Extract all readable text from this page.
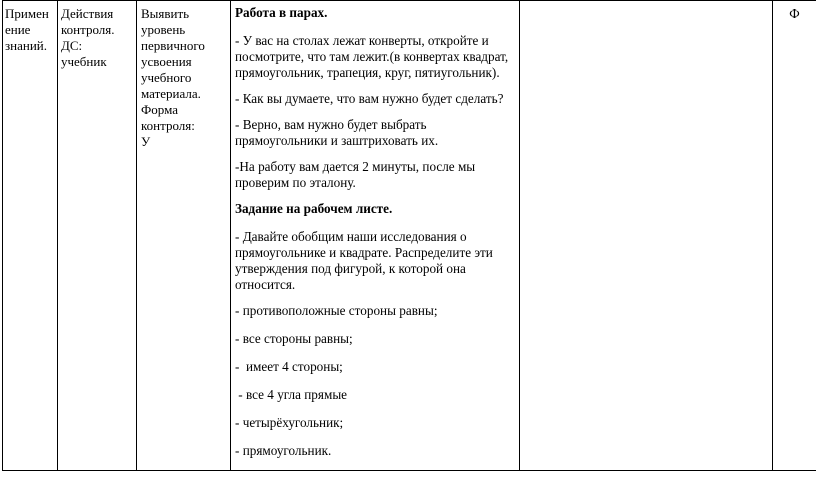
Примен
ение
знаний.
Действия
контроля.
ДС:
учебник
Выявить
уровень
первичного
усвоения
учебного
материала.
Форма
контроля:
У

Работа в парах.

- У вас на столах лежат конверты, откройте и посмотрите, что там лежит.(в конвертах квадрат, прямоугольник, трапеция, круг, пятиугольник).

- Как вы думаете, что вам нужно будет сделать?

- Верно, вам нужно будет выбрать прямоугольники и заштриховать их.

-На работу вам дается 2 минуты, после мы проверим по эталону.

Задание на рабочем листе.

- Давайте обобщим наши исследования о прямоугольнике и квадрате. Распределите эти утверждения под фигурой, к которой она относится.

- противоположные стороны равны;

- все стороны равны;

-  имеет 4 стороны;

- все 4 угла прямые

- четырёхугольник;

- прямоугольник.

Ф
